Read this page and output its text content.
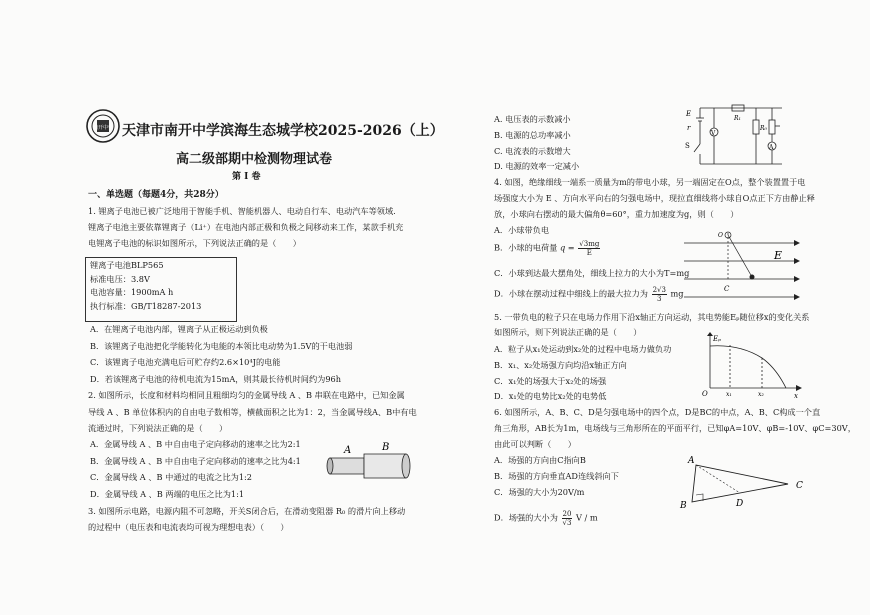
南开中学 天津市南开中学滨海生态城学校2025-2026（上）
高二级部期中检测物理试卷
第 I 卷
一、单选题（每题4分，共28分）
1. 锂离子电池已被广泛地用于智能手机、智能机器人、电动自行车、电动汽车等领域.
锂离子电池主要依靠锂离子（Li⁺）在电池内部正极和负极之间移动来工作，某款手机充
电锂离子电池的标识如图所示，下列说法正确的是（　　）
锂离子电池BLP565
标准电压：3.8V
电池容量：1900mA h
执行标准：GB/T18287-2013
A．在锂离子电池内部，锂离子从正极运动到负极
B．该锂离子电池把化学能转化为电能的本领比电动势为1.5V的干电池弱
C．该锂离子电池充满电后可贮存约2.6×10⁴J的电能
D．若该锂离子电池的待机电流为15mA，则其最长待机时间约为96h
2. 如图所示，长度和材料均相同且粗细均匀的金属导线 A 、B 串联在电路中，已知金属
导线 A 、B 单位体积内的自由电子数相等，横截面积之比为1：2，当金属导线A、B中有电
流通过时，下列说法正确的是（　　）
A．金属导线 A 、B 中自由电子定向移动的速率之比为2:1
B．金属导线 A 、B 中自由电子定向移动的速率之比为4:1
C．金属导线 A 、B 中通过的电流之比为1:2
D．金属导线 A 、B 两端的电压之比为1:1
A	B
3. 如图所示电路，电源内阻不可忽略，开关S闭合后，在滑动变阻器 R₀ 的滑片向上移动
的过程中（电压表和电流表均可视为理想电表）（　　）
A. 电压表的示数减小
B. 电源的总功率减小
C. 电流表的示数增大
D. 电源的效率一定减小
E
r
S
R₁
R₀
V
A
4. 如图，绝缘细线一端系一质量为m的带电小球，另一端固定在O点，整个装置置于电
场强度大小为 E 、方向水平向右的匀强电场中，现拉直细线将小球自O点正下方由静止释
放，小球向右摆动的最大偏角θ=60°，重力加速度为g，则（　　）
A．小球带负电
B．小球的电荷量 $q = \frac{√3mg}{E}$
C．小球到达最大摆角处，细线上拉力的大小为T=mg
D．小球在摆动过程中细线上的最大拉力为 $\frac{2√3}{3}$ mg
E
O
C
5. 一带负电的粒子只在电场力作用下沿x轴正方向运动，其电势能Eₚ随位移x的变化关系
如图所示，则下列说法正确的是（　　）
A．粒子从x₁处运动到x₂处的过程中电场力做负功
B．x₁、x₂处场强方向均沿x轴正方向
C．x₁处的场强大于x₂处的场强
D．x₁处的电势比x₂处的电势低
Eₚ
x
O	x₁	x₂
6. 如图所示，A、B、C、D是匀强电场中的四个点，D是BC的中点，A、B、C构成一个直
角三角形，AB长为1m，电场线与三角形所在的平面平行，已知φA=10V、φB=-10V、φC=30V，
由此可以判断（　　）
A．场强的方向由C指向B
B．场强的方向垂直AD连线斜向下
C．场强的大小为20V/m
D．场强的大小为 $\frac{20}{√3}$ V / m
A
B
C
D
